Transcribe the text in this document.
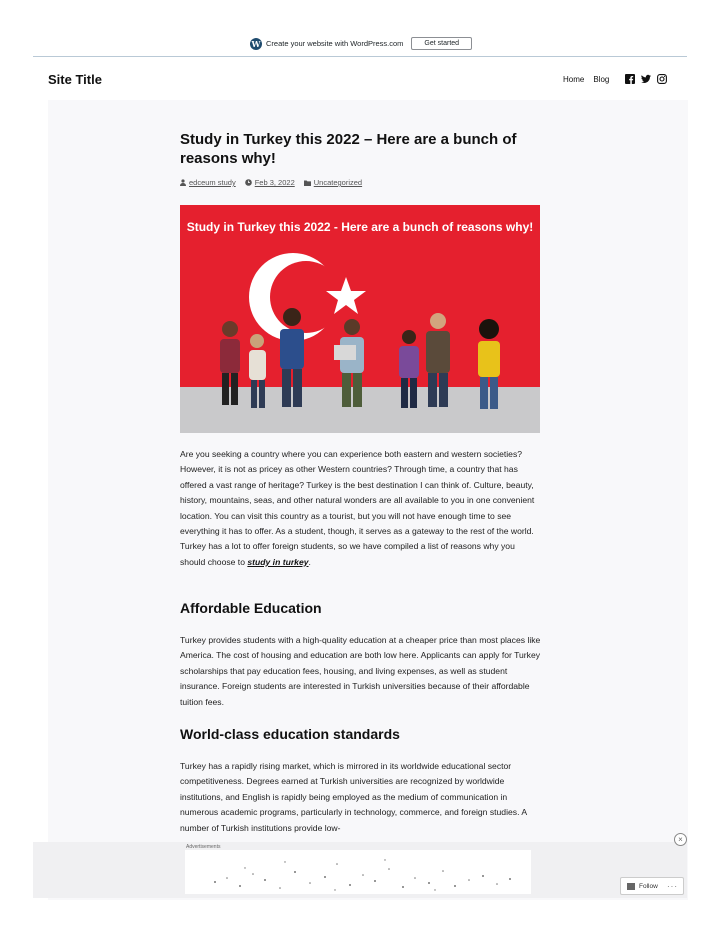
W Create your website with WordPress.com	Get started
Site Title	Home Blog
Study in Turkey this 2022 – Here are a bunch of reasons why!
edceum study	Feb 3, 2022	Uncategorized
Study in Turkey this 2022 - Here are a bunch of reasons why!
Are you seeking a country where you can experience both eastern and western societies? However, it is not as pricey as other Western countries? Through time, a country that has offered a vast range of heritage? Turkey is the best destination I can think of. Culture, beauty, history, mountains, seas, and other natural wonders are all available to you in one convenient location. You can visit this country as a tourist, but you will not have enough time to see everything it has to offer. As a student, though, it serves as a gateway to the rest of the world. Turkey has a lot to offer foreign students, so we have compiled a list of reasons why you should choose to study in turkey.
Affordable Education
Turkey provides students with a high-quality education at a cheaper price than most places like America. The cost of housing and education are both low here. Applicants can apply for Turkey scholarships that pay education fees, housing, and living expenses, as well as student insurance. Foreign students are interested in Turkish universities because of their affordable tuition fees.
World-class education standards
Turkey has a rapidly rising market, which is mirrored in its worldwide educational sector competitiveness. Degrees earned at Turkish universities are recognized by worldwide institutions, and English is rapidly being employed as the medium of communication in numerous academic programs, particularly in technology, commerce, and foreign studies. A number of Turkish institutions provide low-
Advertisements
×
Follow ···
